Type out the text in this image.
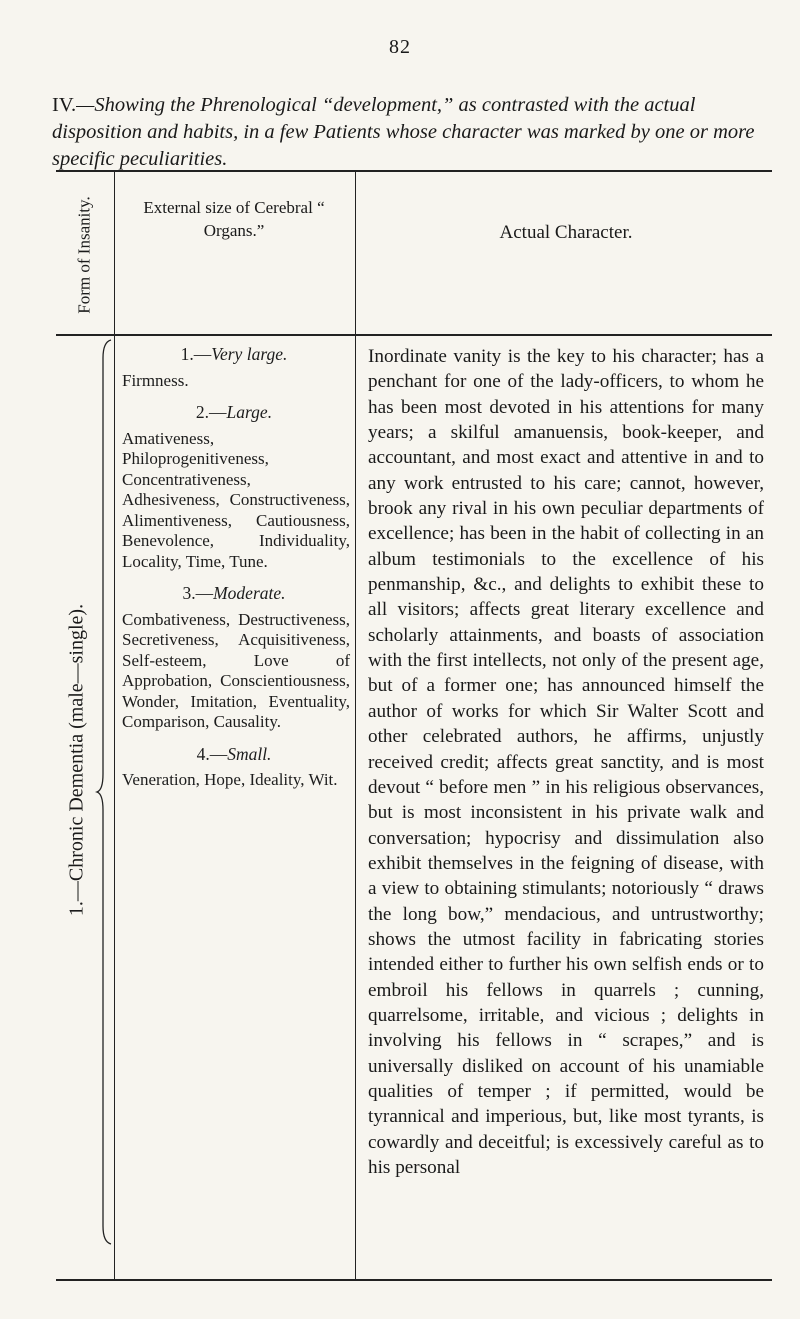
82
IV.—Showing the Phrenological “development,” as contrasted with the actual disposition and habits, in a few Patients whose character was marked by one or more specific peculiarities.
Form of Insanity.	External size of Cerebral “ Organs.”	Actual Character.
1.—Chronic Dementia (male—single).
1.—Very large.
Firmness.
2.—Large.
Amativeness, Philoprogenitiveness, Concentrativeness, Adhesiveness, Constructiveness, Alimentiveness, Cautiousness, Benevolence, Individuality, Locality, Time, Tune.
3.—Moderate.
Combativeness, Destructiveness, Secretiveness, Acquisitiveness, Self-esteem, Love of Approbation, Conscientiousness, Wonder, Imitation, Eventuality, Comparison, Causality.
4.—Small.
Veneration, Hope, Ideality, Wit.
Inordinate vanity is the key to his character; has a penchant for one of the lady-officers, to whom he has been most devoted in his attentions for many years; a skilful amanuensis, book-keeper, and accountant, and most exact and attentive in and to any work entrusted to his care; cannot, however, brook any rival in his own peculiar departments of excellence; has been in the habit of collecting in an album testimonials to the excellence of his penmanship, &c., and delights to exhibit these to all visitors; affects great literary excellence and scholarly attainments, and boasts of association with the first intellects, not only of the present age, but of a former one; has announced himself the author of works for which Sir Walter Scott and other celebrated authors, he affirms, unjustly received credit; affects great sanctity, and is most devout “ before men ” in his religious observances, but is most inconsistent in his private walk and conversation; hypocrisy and dissimulation also exhibit themselves in the feigning of disease, with a view to obtaining stimulants; notoriously “ draws the long bow,” mendacious, and untrustworthy; shows the utmost facility in fabricating stories intended either to further his own selfish ends or to embroil his fellows in quarrels ; cunning, quarrelsome, irritable, and vicious ; delights in involving his fellows in “ scrapes,” and is universally disliked on account of his unamiable qualities of temper ; if permitted, would be tyrannical and imperious, but, like most tyrants, is cowardly and deceitful; is excessively careful as to his personal
